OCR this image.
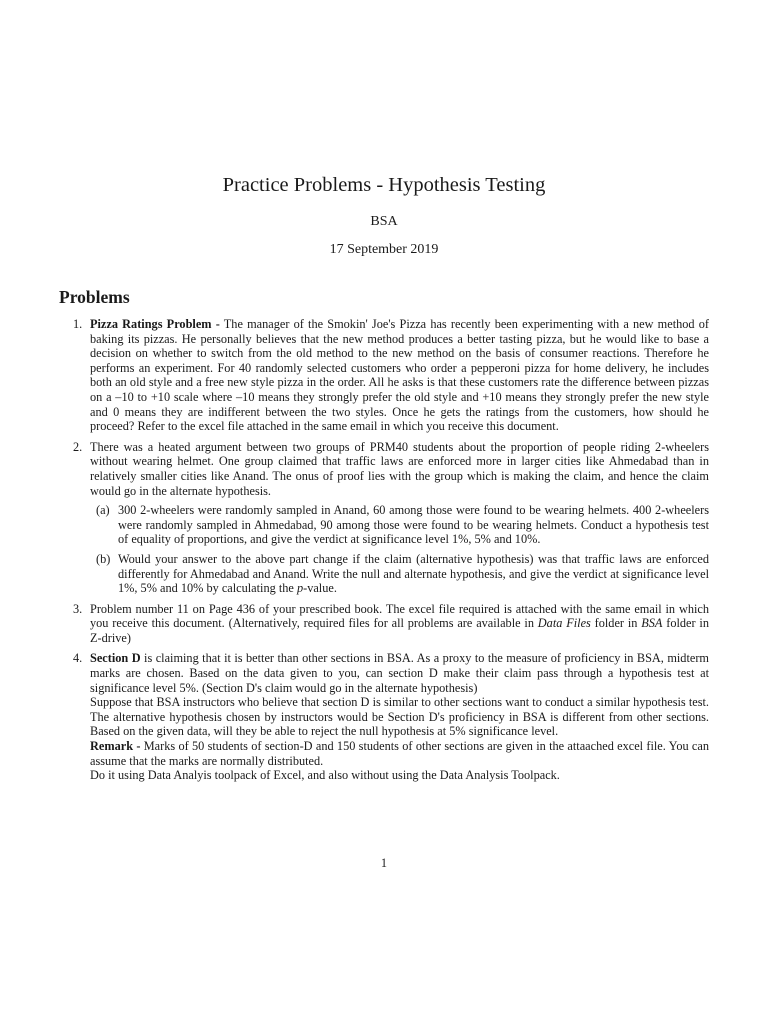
Practice Problems - Hypothesis Testing
BSA
17 September 2019
Problems
1. Pizza Ratings Problem - The manager of the Smokin' Joe's Pizza has recently been experimenting with a new method of baking its pizzas. He personally believes that the new method produces a better tasting pizza, but he would like to base a decision on whether to switch from the old method to the new method on the basis of consumer reactions. Therefore he performs an experiment. For 40 randomly selected customers who order a pepperoni pizza for home delivery, he includes both an old style and a free new style pizza in the order. All he asks is that these customers rate the difference between pizzas on a –10 to +10 scale where –10 means they strongly prefer the old style and +10 means they strongly prefer the new style and 0 means they are indifferent between the two styles. Once he gets the ratings from the customers, how should he proceed? Refer to the excel file attached in the same email in which you receive this document.
2. There was a heated argument between two groups of PRM40 students about the proportion of people riding 2-wheelers without wearing helmet. One group claimed that traffic laws are enforced more in larger cities like Ahmedabad than in relatively smaller cities like Anand. The onus of proof lies with the group which is making the claim, and hence the claim would go in the alternate hypothesis.
(a) 300 2-wheelers were randomly sampled in Anand, 60 among those were found to be wearing helmets. 400 2-wheelers were randomly sampled in Ahmedabad, 90 among those were found to be wearing helmets. Conduct a hypothesis test of equality of proportions, and give the verdict at significance level 1%, 5% and 10%.
(b) Would your answer to the above part change if the claim (alternative hypothesis) was that traffic laws are enforced differently for Ahmedabad and Anand. Write the null and alternate hypothesis, and give the verdict at significance level 1%, 5% and 10% by calculating the p-value.
3. Problem number 11 on Page 436 of your prescribed book. The excel file required is attached with the same email in which you receive this document. (Alternatively, required files for all problems are available in Data Files folder in BSA folder in Z-drive)
4. Section D is claiming that it is better than other sections in BSA. As a proxy to the measure of proficiency in BSA, midterm marks are chosen. Based on the data given to you, can section D make their claim pass through a hypothesis test at significance level 5%. (Section D's claim would go in the alternate hypothesis)
Suppose that BSA instructors who believe that section D is similar to other sections want to conduct a similar hypothesis test. The alternative hypothesis chosen by instructors would be Section D's proficiency in BSA is different from other sections. Based on the given data, will they be able to reject the null hypothesis at 5% significance level.
Remark - Marks of 50 students of section-D and 150 students of other sections are given in the attaached excel file. You can assume that the marks are normally distributed.
Do it using Data Analyis toolpack of Excel, and also without using the Data Analysis Toolpack.
1
